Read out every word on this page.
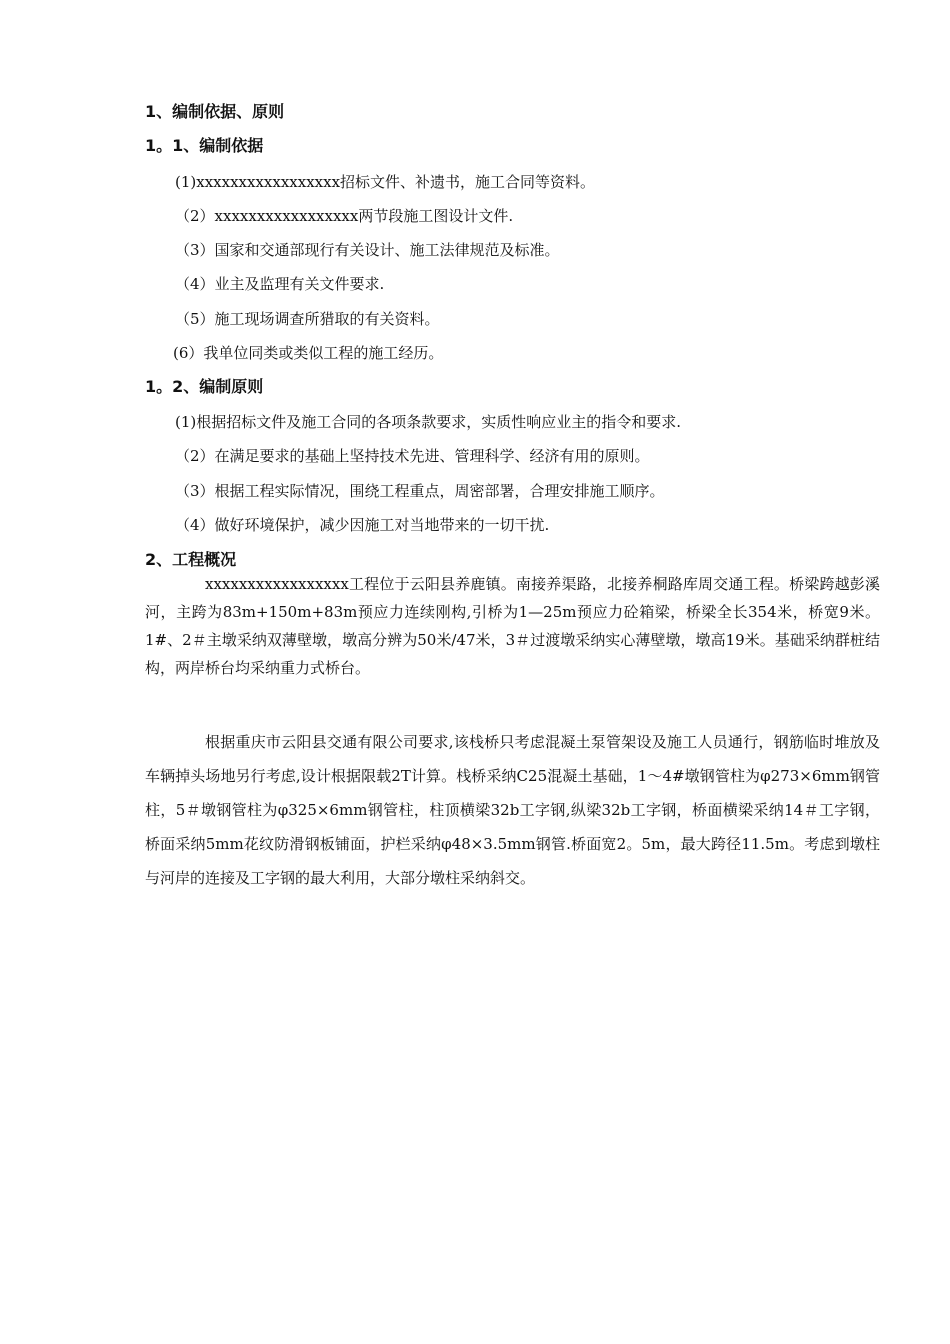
1、编制依据、原则
1。1、编制依据
(1)xxxxxxxxxxxxxxxxx招标文件、补遗书，施工合同等资料。
（2）xxxxxxxxxxxxxxxxx两节段施工图设计文件.
（3）国家和交通部现行有关设计、施工法律规范及标准。
（4）业主及监理有关文件要求.
（5）施工现场调查所猎取的有关资料。
(6）我单位同类或类似工程的施工经历。
1。2、编制原则
(1)根据招标文件及施工合同的各项条款要求，实质性响应业主的指令和要求.
（2）在满足要求的基础上坚持技术先进、管理科学、经济有用的原则。
（3）根据工程实际情况，围绕工程重点，周密部署，合理安排施工顺序。
（4）做好环境保护，减少因施工对当地带来的一切干扰.
2、工程概况
xxxxxxxxxxxxxxxxx工程位于云阳县养鹿镇。南接养渠路，北接养桐路库周交通工程。桥梁跨越彭溪河，主跨为83m+150m+83m预应力连续刚构,引桥为1—25m预应力砼箱梁，桥梁全长354米，桥宽9米。1#、2＃主墩采纳双薄壁墩，墩高分辨为50米/47米，3＃过渡墩采纳实心薄壁墩，墩高19米。基础采纳群桩结构，两岸桥台均采纳重力式桥台。
根据重庆市云阳县交通有限公司要求,该栈桥只考虑混凝土泵管架设及施工人员通行，钢筋临时堆放及车辆掉头场地另行考虑,设计根据限载2T计算。栈桥采纳C25混凝土基础，1～4#墩钢管柱为φ273×6mm钢管柱，5＃墩钢管柱为φ325×6mm钢管柱，柱顶横梁32b工字钢,纵梁32b工字钢，桥面横梁采纳14＃工字钢，桥面采纳5mm花纹防滑钢板铺面，护栏采纳φ48×3.5mm钢管.桥面宽2。5m，最大跨径11.5m。考虑到墩柱与河岸的连接及工字钢的最大利用，大部分墩柱采纳斜交。
